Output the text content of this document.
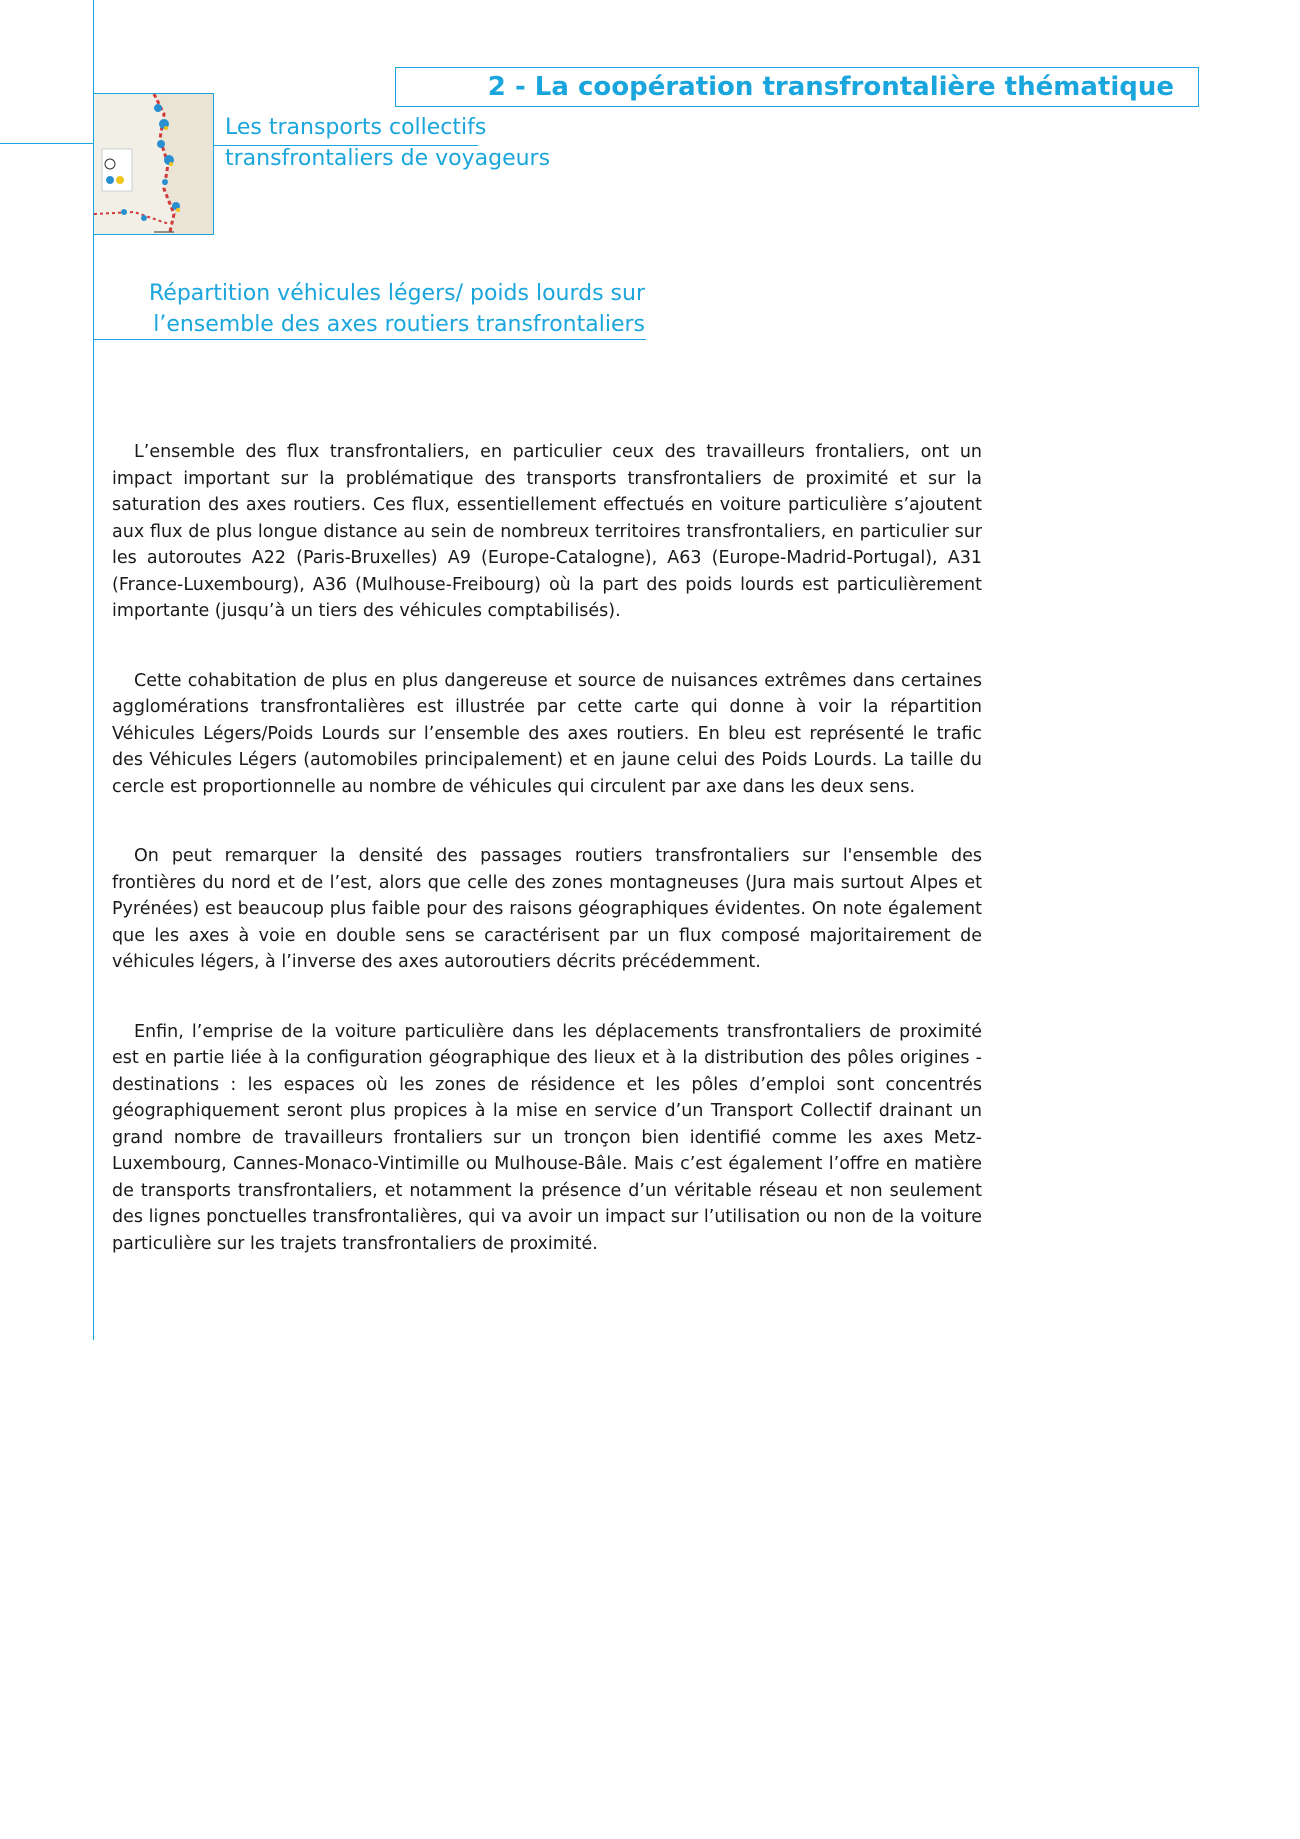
2 - La coopération transfrontalière thématique
Les transports collectifs
transfrontaliers de voyageurs
Répartition véhicules légers/ poids lourds sur
l’ensemble des axes routiers transfrontaliers

L’ensemble des flux transfrontaliers, en particulier ceux des travailleurs frontaliers, ont un impact important sur la problématique des transports transfrontaliers de proximité et sur la saturation des axes routiers. Ces flux, essentiellement effectués en voiture particulière s’ajoutent aux flux de plus longue distance au sein de nombreux territoires transfrontaliers, en particulier sur les autoroutes A22 (Paris-Bruxelles) A9 (Europe-Catalogne), A63 (Europe-Madrid-Portugal), A31 (France-Luxembourg), A36 (Mulhouse-Freibourg) où la part des poids lourds est particulièrement importante (jusqu’à un tiers des véhicules comptabilisés).

Cette cohabitation de plus en plus dangereuse et source de nuisances extrêmes dans certaines agglomérations transfrontalières est illustrée par cette carte qui donne à voir la répartition Véhicules Légers/Poids Lourds sur l’ensemble des axes routiers. En bleu est représenté le trafic des Véhicules Légers (automobiles principalement) et en jaune celui des Poids Lourds. La taille du cercle est proportionnelle au nombre de véhicules qui circulent par axe dans les deux sens.

On peut remarquer la densité des passages routiers transfrontaliers sur l'ensemble des frontières du nord et de l’est, alors que celle des zones montagneuses (Jura mais surtout Alpes et Pyrénées) est beaucoup plus faible pour des raisons géographiques évidentes. On note également que les axes à voie en double sens se caractérisent par un flux composé majoritairement de véhicules légers, à l’inverse des axes autoroutiers décrits précédemment.

Enfin, l’emprise de la voiture particulière dans les déplacements transfrontaliers de proximité est en partie liée à la configuration géographique des lieux et à la distribution des pôles origines - destinations : les espaces où les zones de résidence et les pôles d’emploi sont concentrés géographiquement seront plus propices à la mise en service d’un Transport Collectif drainant un grand nombre de travailleurs frontaliers sur un tronçon bien identifié comme les axes Metz-Luxembourg, Cannes-Monaco-Vintimille ou Mulhouse-Bâle. Mais c’est également l’offre en matière de transports transfrontaliers, et notamment la présence d’un véritable réseau et non seulement des lignes ponctuelles transfrontalières, qui va avoir un impact sur l’utilisation ou non de la voiture particulière sur les trajets transfrontaliers de proximité.
